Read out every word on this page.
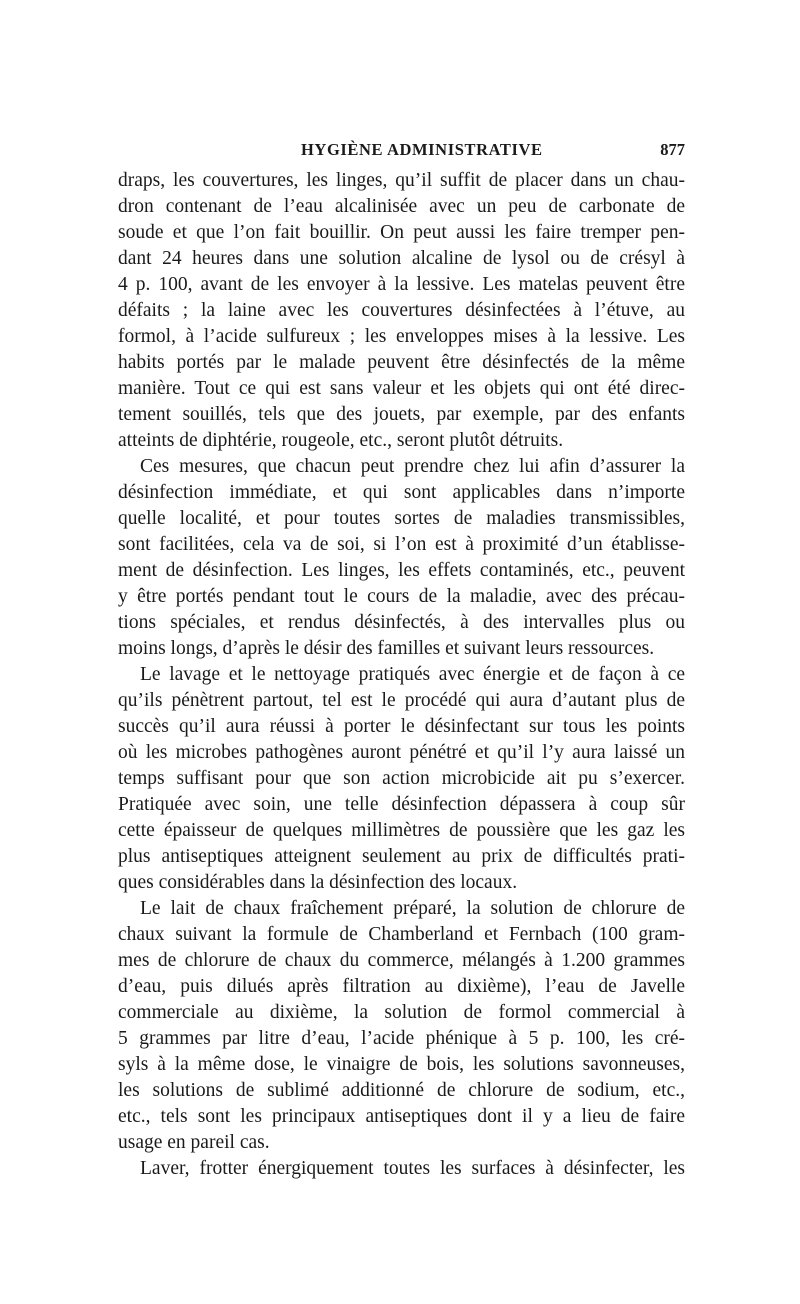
HYGIÈNE ADMINISTRATIVE	877
draps, les couvertures, les linges, qu’il suffit de placer dans un chau-
dron contenant de l’eau alcalinisée avec un peu de carbonate de
soude et que l’on fait bouillir. On peut aussi les faire tremper pen-
dant 24 heures dans une solution alcaline de lysol ou de crésyl à
4 p. 100, avant de les envoyer à la lessive. Les matelas peuvent être
défaits ; la laine avec les couvertures désinfectées à l’étuve, au
formol, à l’acide sulfureux ; les enveloppes mises à la lessive. Les
habits portés par le malade peuvent être désinfectés de la même
manière. Tout ce qui est sans valeur et les objets qui ont été direc-
tement souillés, tels que des jouets, par exemple, par des enfants
atteints de diphtérie, rougeole, etc., seront plutôt détruits.
Ces mesures, que chacun peut prendre chez lui afin d’assurer la
désinfection immédiate, et qui sont applicables dans n’importe
quelle localité, et pour toutes sortes de maladies transmissibles,
sont facilitées, cela va de soi, si l’on est à proximité d’un établisse-
ment de désinfection. Les linges, les effets contaminés, etc., peuvent
y être portés pendant tout le cours de la maladie, avec des précau-
tions spéciales, et rendus désinfectés, à des intervalles plus ou
moins longs, d’après le désir des familles et suivant leurs ressources.
Le lavage et le nettoyage pratiqués avec énergie et de façon à ce
qu’ils pénètrent partout, tel est le procédé qui aura d’autant plus de
succès qu’il aura réussi à porter le désinfectant sur tous les points
où les microbes pathogènes auront pénétré et qu’il l’y aura laissé un
temps suffisant pour que son action microbicide ait pu s’exercer.
Pratiquée avec soin, une telle désinfection dépassera à coup sûr
cette épaisseur de quelques millimètres de poussière que les gaz les
plus antiseptiques atteignent seulement au prix de difficultés prati-
ques considérables dans la désinfection des locaux.
Le lait de chaux fraîchement préparé, la solution de chlorure de
chaux suivant la formule de Chamberland et Fernbach (100 gram-
mes de chlorure de chaux du commerce, mélangés à 1.200 grammes
d’eau, puis dilués après filtration au dixième), l’eau de Javelle
commerciale au dixième, la solution de formol commercial à
5 grammes par litre d’eau, l’acide phénique à 5 p. 100, les cré-
syls à la même dose, le vinaigre de bois, les solutions savonneuses,
les solutions de sublimé additionné de chlorure de sodium, etc.,
etc., tels sont les principaux antiseptiques dont il y a lieu de faire
usage en pareil cas.
Laver, frotter énergiquement toutes les surfaces à désinfecter, les
